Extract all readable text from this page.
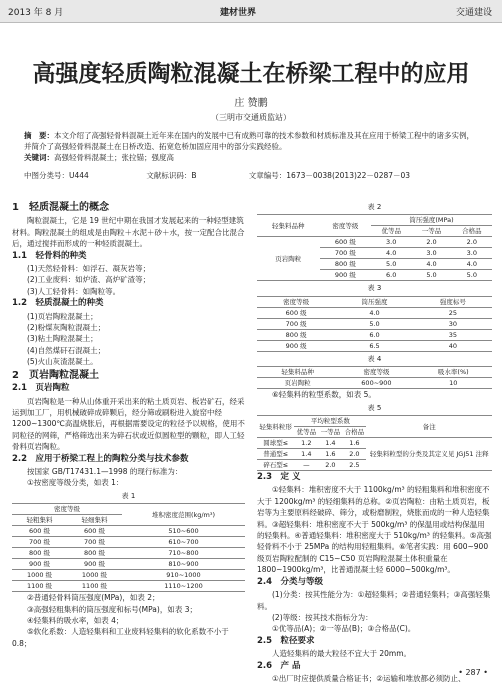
2013 年 8 月	建材世界	交通建设
高强度轻质陶粒混凝土在桥梁工程中的应用
庄 赞鹏
（三明市交通质监站）
摘　要：本文介绍了高强轻骨料混凝土近年来在国内的发展中已有成熟可靠的技术参数和材质标准及其在应用于桥梁工程中的诸多实例，并简介了高强轻骨料混凝土在日桥改造、拓宽危桥加固应用中的部分实践经验。
关键词：高强轻骨料混凝土；张拉锚；强度高
中图分类号：U444	文献标识码：B	文章编号：1673－0038(2013)22－0287－03

1　轻质混凝土的概念

陶粒混凝土，它是 19 世纪中期在我国才发展起来的一种轻型建筑材料。陶粒混凝土的组成是由陶粒＋水泥＋砂＋水，按一定配合比混合后，通过搅拌而形成的一种轻质混凝土。

1.1　轻骨料的种类

(1)天然轻骨料：如浮石、凝灰岩等；

(2)工业废料：如炉渣、高炉矿渣等；

(3)人工轻骨料：如陶粒等。

1.2　轻质混凝土的种类

(1)页岩陶粒混凝土；

(2)粉煤灰陶粒混凝土；

(3)粘土陶粒混凝土；

(4)自然煤矸石混凝土；

(5)火山灰渣混凝土。

2　页岩陶粒混凝土

2.1　页岩陶粒

页岩陶粒是一种从山体重开采出来的粘土质页岩、板岩矿石，经采运到加工厂，用机械破碎成碎颗后，经分筛或刷粉进入旋窑中经 1200~1300℃高温烧胀后，再根据需要设定的粒径予以规格，使用不同粒径的网筛，严格筛选出来为碎石状或近似圆粒型的颗粒，即人工轻骨料页岩陶粒。

2.2　应用于桥梁工程上的陶粒分类与技术参数

按国家 GB/T17431.1—1998 的现行标准为：

①按密度等级分类，如表 1：

表 1
密度等级		堆积密度范围(kg/m³)
轻粗集料	轻细集料	
600 级	600 级	510~600
700 级	700 级	610~700
800 级	800 级	710~800
900 级	900 级	810~900
1000 级	1000 级	910~1000
1100 级	1100 级	1110~1200

②普通轻骨料筒压强度(MPa)，如表 2；

③高强轻粗集料的筒压强度和标号(MPa)，如表 3；

④轻集料的吸水率，如表 4；

⑤软化系数：人造轻集料和工业废料轻集料的软化系数不小于 0.8；

表 2
轻集料品种	密度等级	筒压强度(MPa)		
		优等品	一等品	合格品
页岩陶粒	600 级	3.0	2.0	2.0
	700 级	4.0	3.0	3.0
	800 级	5.0	4.0	4.0
	900 级	6.0	5.0	5.0
表 3
密度等级	筒压强度	强度标号
600 级	4.0	25
700 级	5.0	30
800 级	6.0	35
900 级	6.5	40
表 4
轻集料品种	密度等级	吸水率(%)
页岩陶粒	600~900	10

⑥轻集料的粒型系数，如表 5。

表 5
轻集料粒形	平均粒型系数			备注
	优等品	一等品	合格品	
圆球型≤	1.2	1.4	1.6	轻集料粒型的分类及其定义见 JGJ51 注释
普通型≤	1.4	1.6	2.0	
碎石型≤	—	2.0	2.5	

2.3　定 义

①轻集料：堆积密度不大于 1100kg/m³ 的轻粗集料和堆积密度不大于 1200kg/m³ 的轻细集料的总称。②页岩陶粒：由粘土质页岩，板岩等为主要原料经破碎、筛分，或粉磨制粒，烧胀而成的一种人造轻集料。③超轻集料：堆积密度不大于 500kg/m³ 的保温用或结构保温用的轻集料。④普通轻集料：堆积密度大于 510kg/m³ 的轻集料。⑤高强轻骨料不小于 25MPa 的结构用轻粗集料。⑥笔者实践：用 600~900 级页岩陶粒配制的 C15~C50 页岩陶粒混凝土体积重量在 1800~1900kg/m³，比普通混凝土轻 6000~500kg/m³。

2.4　分类与等级

(1)分类：按其性能分为：①超轻集料；②普通轻集料；③高强轻集料。

(2)等级：按其技术指标分为：

①优等品(A)；②一等品(B)；③合格品(C)。

2.5　粒径要求

人造轻集料的最大粒径不宜大于 20mm。

2.6　产 品

①出厂时应提供质量合格证书；②运输和堆放都必须防止、

• 287 •
